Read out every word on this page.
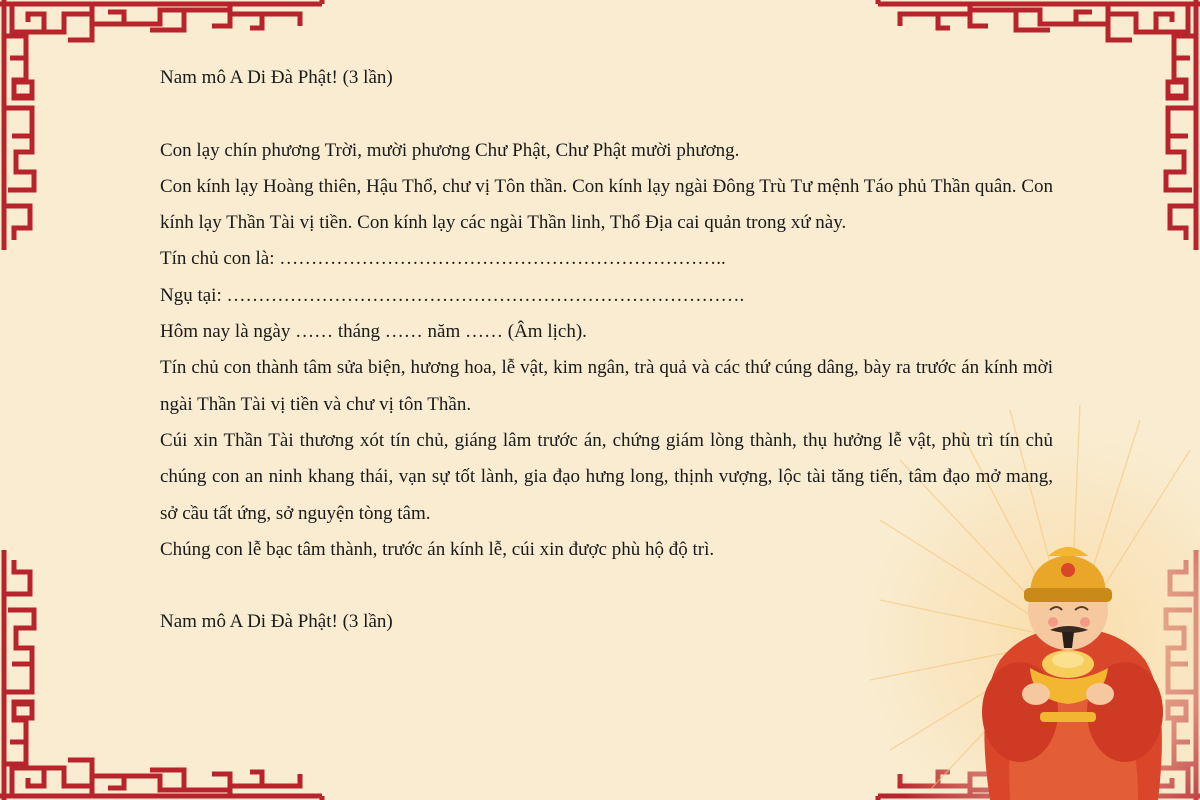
Nam mô A Di Đà Phật! (3 lần)

Con lạy chín phương Trời, mười phương Chư Phật, Chư Phật mười phương.

Con kính lạy Hoàng thiên, Hậu Thổ, chư vị Tôn thần. Con kính lạy ngài Đông Trù Tư mệnh Táo phủ Thần quân. Con kính lạy Thần Tài vị tiền. Con kính lạy các ngài Thần linh, Thổ Địa cai quản trong xứ này.

Tín chủ con là: ……………………………………………………………..

Ngụ tại: ……………………………………………………………………….

Hôm nay là ngày …… tháng …… năm …… (Âm lịch).

Tín chủ con thành tâm sửa biện, hương hoa, lễ vật, kim ngân, trà quả và các thứ cúng dâng, bày ra trước án kính mời ngài Thần Tài vị tiền và chư vị tôn Thần.

Cúi xin Thần Tài thương xót tín chủ, giáng lâm trước án, chứng giám lòng thành, thụ hưởng lễ vật, phù trì tín chủ chúng con an ninh khang thái, vạn sự tốt lành, gia đạo hưng long, thịnh vượng, lộc tài tăng tiến, tâm đạo mở mang, sở cầu tất ứng, sở nguyện tòng tâm.

Chúng con lễ bạc tâm thành, trước án kính lễ, cúi xin được phù hộ độ trì.

Nam mô A Di Đà Phật! (3 lần)
